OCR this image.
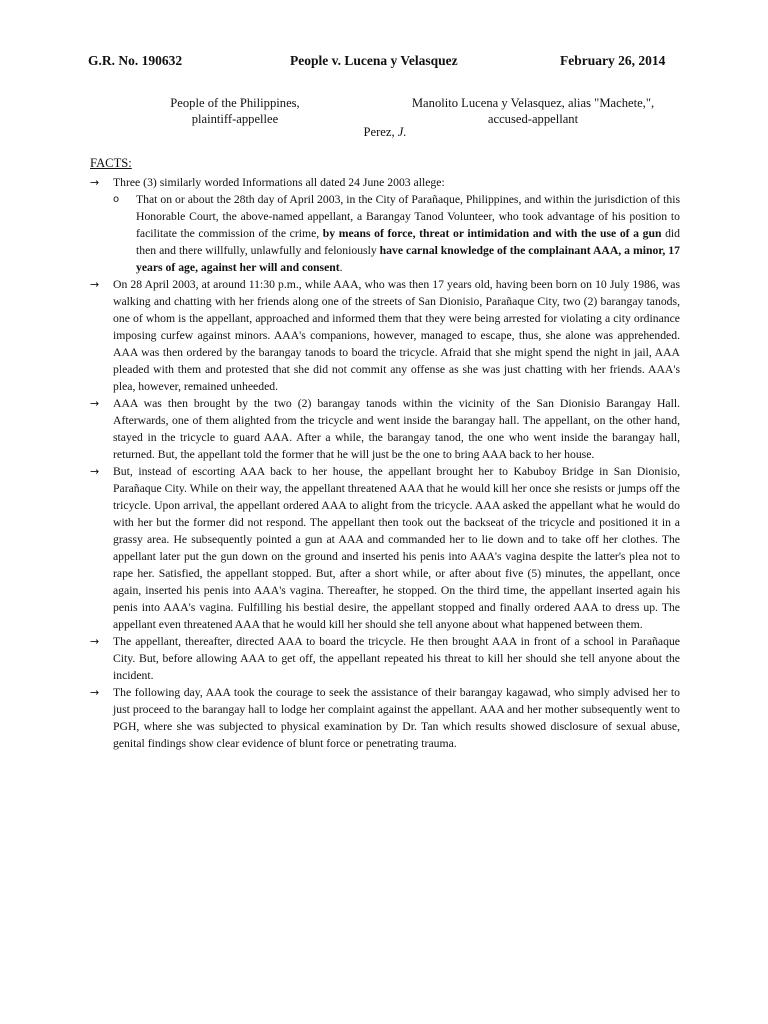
G.R. No. 190632	People v. Lucena y Velasquez	February 26, 2014
People of the Philippines,
plaintiff-appellee
Manolito Lucena y Velasquez, alias "Machete,",
accused-appellant
Perez, J.
FACTS:
→	Three (3) similarly worded Informations all dated 24 June 2003 allege:
o That on or about the 28th day of April 2003, in the City of Parañaque, Philippines, and within the jurisdiction of this Honorable Court, the above-named appellant, a Barangay Tanod Volunteer, who took advantage of his position to facilitate the commission of the crime, by means of force, threat or intimidation and with the use of a gun did then and there willfully, unlawfully and feloniously have carnal knowledge of the complainant AAA, a minor, 17 years of age, against her will and consent.
→	On 28 April 2003, at around 11:30 p.m., while AAA, who was then 17 years old, having been born on 10 July 1986, was walking and chatting with her friends along one of the streets of San Dionisio, Parañaque City, two (2) barangay tanods, one of whom is the appellant, approached and informed them that they were being arrested for violating a city ordinance imposing curfew against minors. AAA's companions, however, managed to escape, thus, she alone was apprehended. AAA was then ordered by the barangay tanods to board the tricycle. Afraid that she might spend the night in jail, AAA pleaded with them and protested that she did not commit any offense as she was just chatting with her friends. AAA's plea, however, remained unheeded.
→	AAA was then brought by the two (2) barangay tanods within the vicinity of the San Dionisio Barangay Hall. Afterwards, one of them alighted from the tricycle and went inside the barangay hall. The appellant, on the other hand, stayed in the tricycle to guard AAA. After a while, the barangay tanod, the one who went inside the barangay hall, returned. But, the appellant told the former that he will just be the one to bring AAA back to her house.
→	But, instead of escorting AAA back to her house, the appellant brought her to Kabuboy Bridge in San Dionisio, Parañaque City. While on their way, the appellant threatened AAA that he would kill her once she resists or jumps off the tricycle. Upon arrival, the appellant ordered AAA to alight from the tricycle. AAA asked the appellant what he would do with her but the former did not respond. The appellant then took out the backseat of the tricycle and positioned it in a grassy area. He subsequently pointed a gun at AAA and commanded her to lie down and to take off her clothes. The appellant later put the gun down on the ground and inserted his penis into AAA's vagina despite the latter's plea not to rape her. Satisfied, the appellant stopped. But, after a short while, or after about five (5) minutes, the appellant, once again, inserted his penis into AAA's vagina. Thereafter, he stopped. On the third time, the appellant inserted again his penis into AAA's vagina. Fulfilling his bestial desire, the appellant stopped and finally ordered AAA to dress up. The appellant even threatened AAA that he would kill her should she tell anyone about what happened between them.
→	The appellant, thereafter, directed AAA to board the tricycle. He then brought AAA in front of a school in Parañaque City. But, before allowing AAA to get off, the appellant repeated his threat to kill her should she tell anyone about the incident.
→	The following day, AAA took the courage to seek the assistance of their barangay kagawad, who simply advised her to just proceed to the barangay hall to lodge her complaint against the appellant. AAA and her mother subsequently went to PGH, where she was subjected to physical examination by Dr. Tan which results showed disclosure of sexual abuse, genital findings show clear evidence of blunt force or penetrating trauma.
